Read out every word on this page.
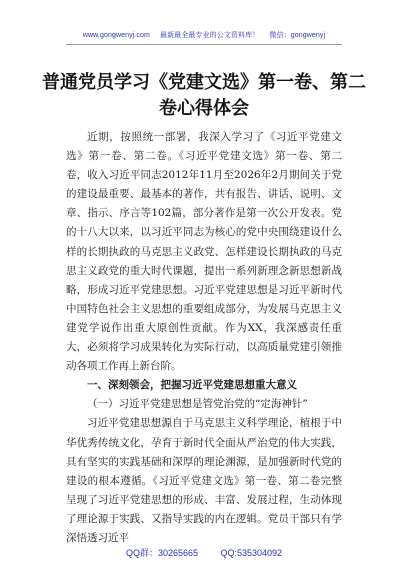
www.gongwenyj.com 最新最全最专业的公文资料库！ 微信：gongwenyj
普通党员学习《党建文选》第一卷、第二
卷心得体会

近期，按照统一部署，我深入学习了《习近平党建文选》第一卷、第二卷。《习近平党建文选》第一卷、第二卷，收入习近平同志2012年11月至2026年2月期间关于党的建设最重要、最基本的著作，共有报告、讲话、说明、文章、指示、序言等102篇，部分著作是第一次公开发表。党的十八大以来，以习近平同志为核心的党中央围绕建设什么样的长期执政的马克思主义政党、怎样建设长期执政的马克思主义政党的重大时代课题，提出一系列新理念新思想新战略，形成习近平党建思想。习近平党建思想是习近平新时代中国特色社会主义思想的重要组成部分，为发展马克思主义建党学说作出重大原创性贡献。作为XX，我深感责任重大，必须将学习成果转化为实际行动，以高质量党建引领推动各项工作再上新台阶。

一、深刻领会，把握习近平党建思想重大意义
（一）习近平党建思想是管党治党的“定海神针”

习近平党建思想源自于马克思主义科学理论，植根于中华优秀传统文化，孕育于新时代全面从严治党的伟大实践，具有坚实的实践基础和深厚的理论渊源，是加强新时代党的建设的根本遵循。《习近平党建文选》第一卷、第二卷完整呈现了习近平党建思想的形成、丰富、发展过程，生动体现了理论源于实践、又指导实践的内在逻辑。党员干部只有学深悟透习近平

QQ群：30265665	QQ:535304092
